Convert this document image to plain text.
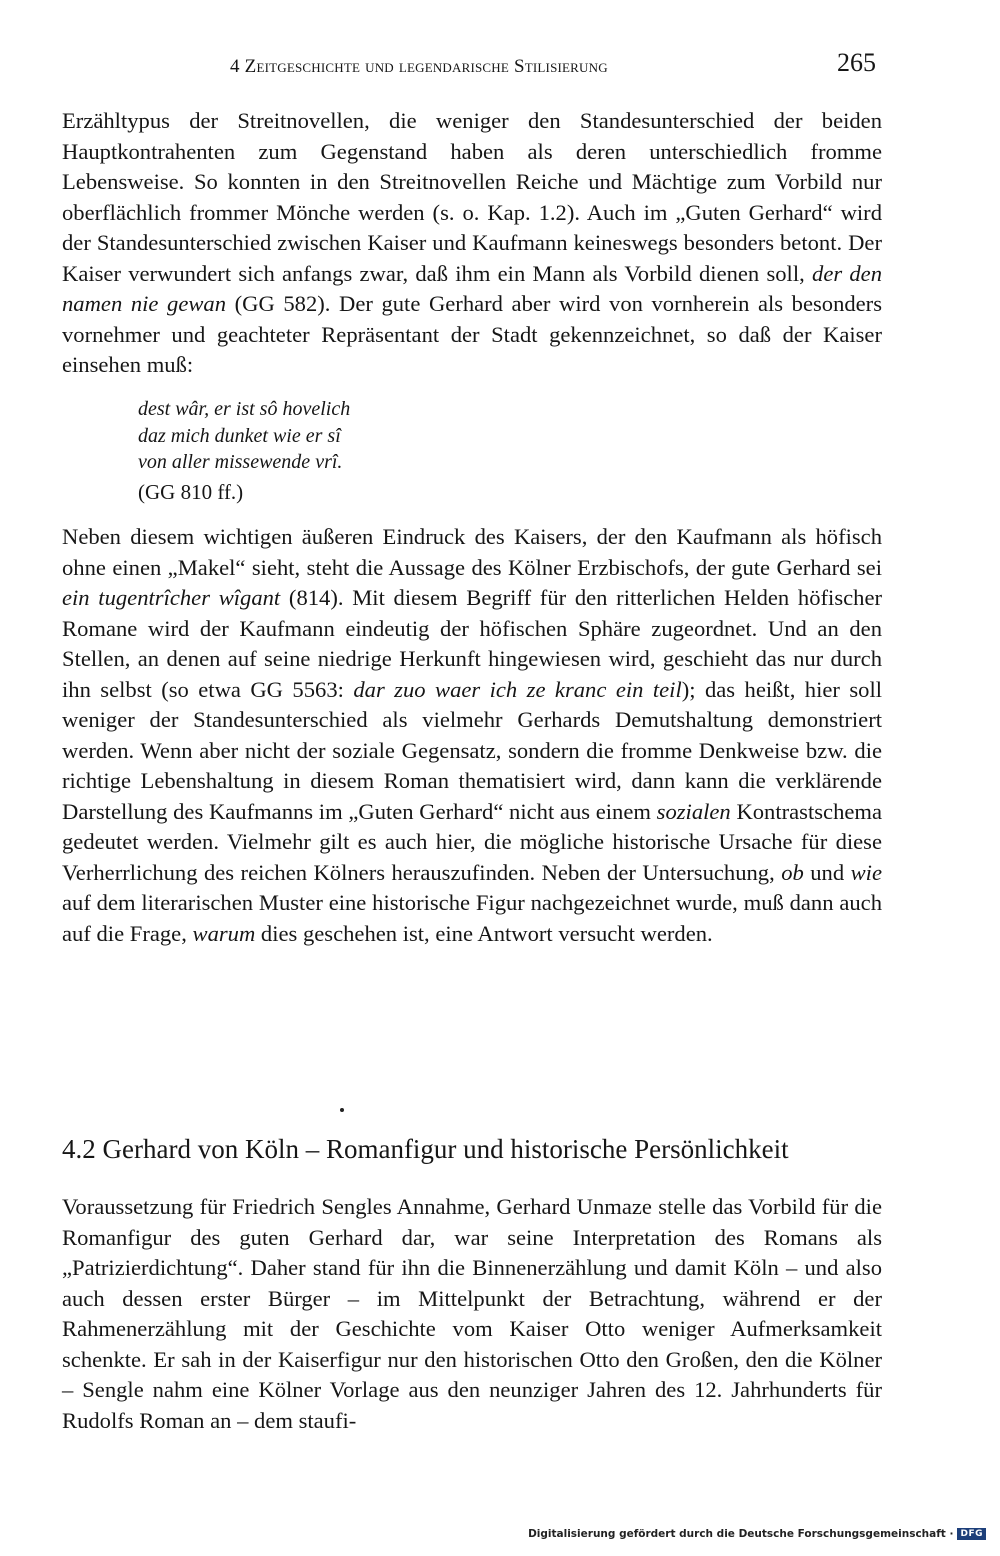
4 Zeitgeschichte und legendarische Stilisierung	265

Erzähltypus der Streitnovellen, die weniger den Standesunterschied der beiden Hauptkontrahenten zum Gegenstand haben als deren unterschiedlich fromme Lebensweise. So konnten in den Streitnovellen Reiche und Mächtige zum Vorbild nur oberflächlich frommer Mönche werden (s. o. Kap. 1.2). Auch im „Guten Gerhard“ wird der Standesunterschied zwischen Kaiser und Kaufmann keineswegs besonders betont. Der Kaiser verwundert sich anfangs zwar, daß ihm ein Mann als Vorbild dienen soll, der den namen nie gewan (GG 582). Der gute Gerhard aber wird von vornherein als besonders vornehmer und geachteter Repräsentant der Stadt gekennzeichnet, so daß der Kaiser einsehen muß:

dest wâr, er ist sô hovelich
daz mich dunket wie er sî
von aller missewende vrî.
(GG 810 ff.)

Neben diesem wichtigen äußeren Eindruck des Kaisers, der den Kaufmann als höfisch ohne einen „Makel“ sieht, steht die Aussage des Kölner Erzbischofs, der gute Gerhard sei ein tugentrîcher wîgant (814). Mit diesem Begriff für den ritterlichen Helden höfischer Romane wird der Kaufmann eindeutig der höfischen Sphäre zugeordnet. Und an den Stellen, an denen auf seine niedrige Herkunft hingewiesen wird, geschieht das nur durch ihn selbst (so etwa GG 5563: dar zuo waer ich ze kranc ein teil); das heißt, hier soll weniger der Standesunterschied als vielmehr Gerhards Demutshaltung demonstriert werden. Wenn aber nicht der soziale Gegensatz, sondern die fromme Denkweise bzw. die richtige Lebenshaltung in diesem Roman thematisiert wird, dann kann die verklärende Darstellung des Kaufmanns im „Guten Gerhard“ nicht aus einem sozialen Kontrastschema gedeutet werden. Vielmehr gilt es auch hier, die mögliche historische Ursache für diese Verherrlichung des reichen Kölners herauszufinden. Neben der Untersuchung, ob und wie auf dem literarischen Muster eine historische Figur nachgezeichnet wurde, muß dann auch auf die Frage, warum dies geschehen ist, eine Antwort versucht werden.

4.2 Gerhard von Köln – Romanfigur und historische Persönlichkeit

Voraussetzung für Friedrich Sengles Annahme, Gerhard Unmaze stelle das Vorbild für die Romanfigur des guten Gerhard dar, war seine Interpretation des Romans als „Patrizierdichtung“. Daher stand für ihn die Binnenerzählung und damit Köln – und also auch dessen erster Bürger – im Mittelpunkt der Betrachtung, während er der Rahmenerzählung mit der Geschichte vom Kaiser Otto weniger Aufmerksamkeit schenkte. Er sah in der Kaiserfigur nur den historischen Otto den Großen, den die Kölner – Sengle nahm eine Kölner Vorlage aus den neunziger Jahren des 12. Jahrhunderts für Rudolfs Roman an – dem staufi-

Digitalisierung gefördert durch die Deutsche Forschungsgemeinschaft · DFG
